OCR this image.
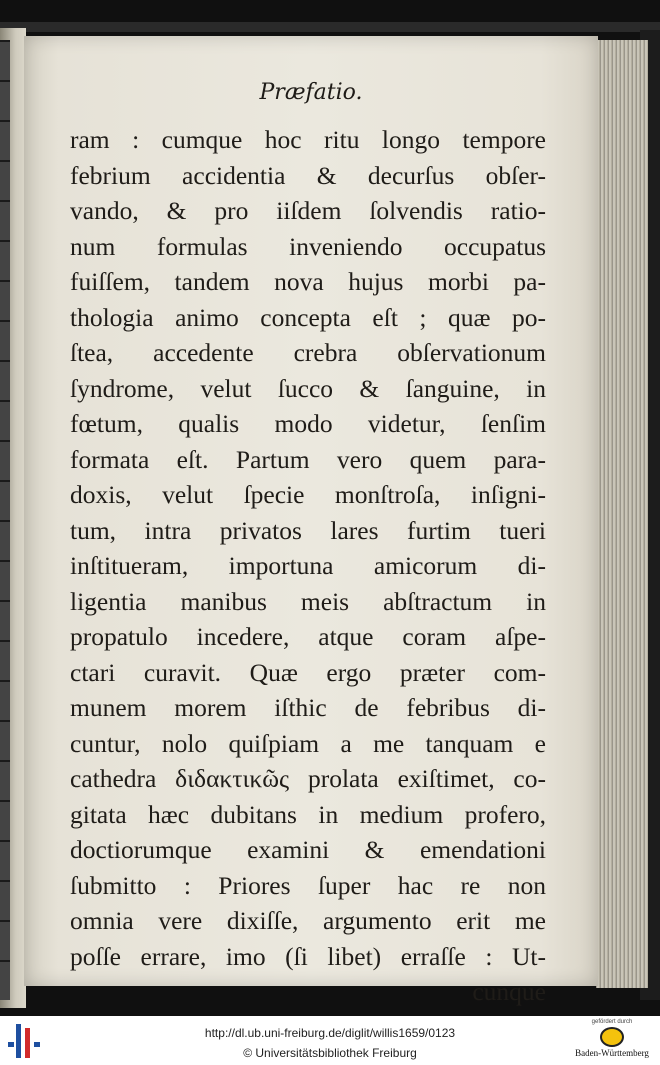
Præfatio.
ram : cumque hoc ritu longo tempore
febrium accidentia & decurſus obſer-
vando, & pro iiſdem ſolvendis ratio-
num formulas inveniendo occupatus
fuiſſem, tandem nova hujus morbi pa-
thologia animo concepta eſt ; quæ po-
ſtea, accedente crebra obſervationum
ſyndrome, velut ſucco & ſanguine, in
fœtum, qualis modo videtur, ſenſim
formata eſt. Partum vero quem para-
doxis, velut ſpecie monſtroſa, inſigni-
tum, intra privatos lares furtim tueri
inſtitueram, importuna amicorum di-
ligentia manibus meis abſtractum in
propatulo incedere, atque coram aſpe-
ctari curavit. Quæ ergo præter com-
munem morem iſthic de febribus di-
cuntur, nolo quiſpiam a me tanquam e
cathedra διδακτικῶς prolata exiſtimet, co-
gitata hæc dubitans in medium profero,
doctiorumque examini & emendationi
ſubmitto : Priores ſuper hac re non
omnia vere dixiſſe, argumento erit me
poſſe errare, imo (ſi libet) erraſſe : Ut-
cunque
http://dl.ub.uni-freiburg.de/diglit/willis1659/0123
© Universitätsbibliothek Freiburg
gefördert durch
Baden-Württemberg
